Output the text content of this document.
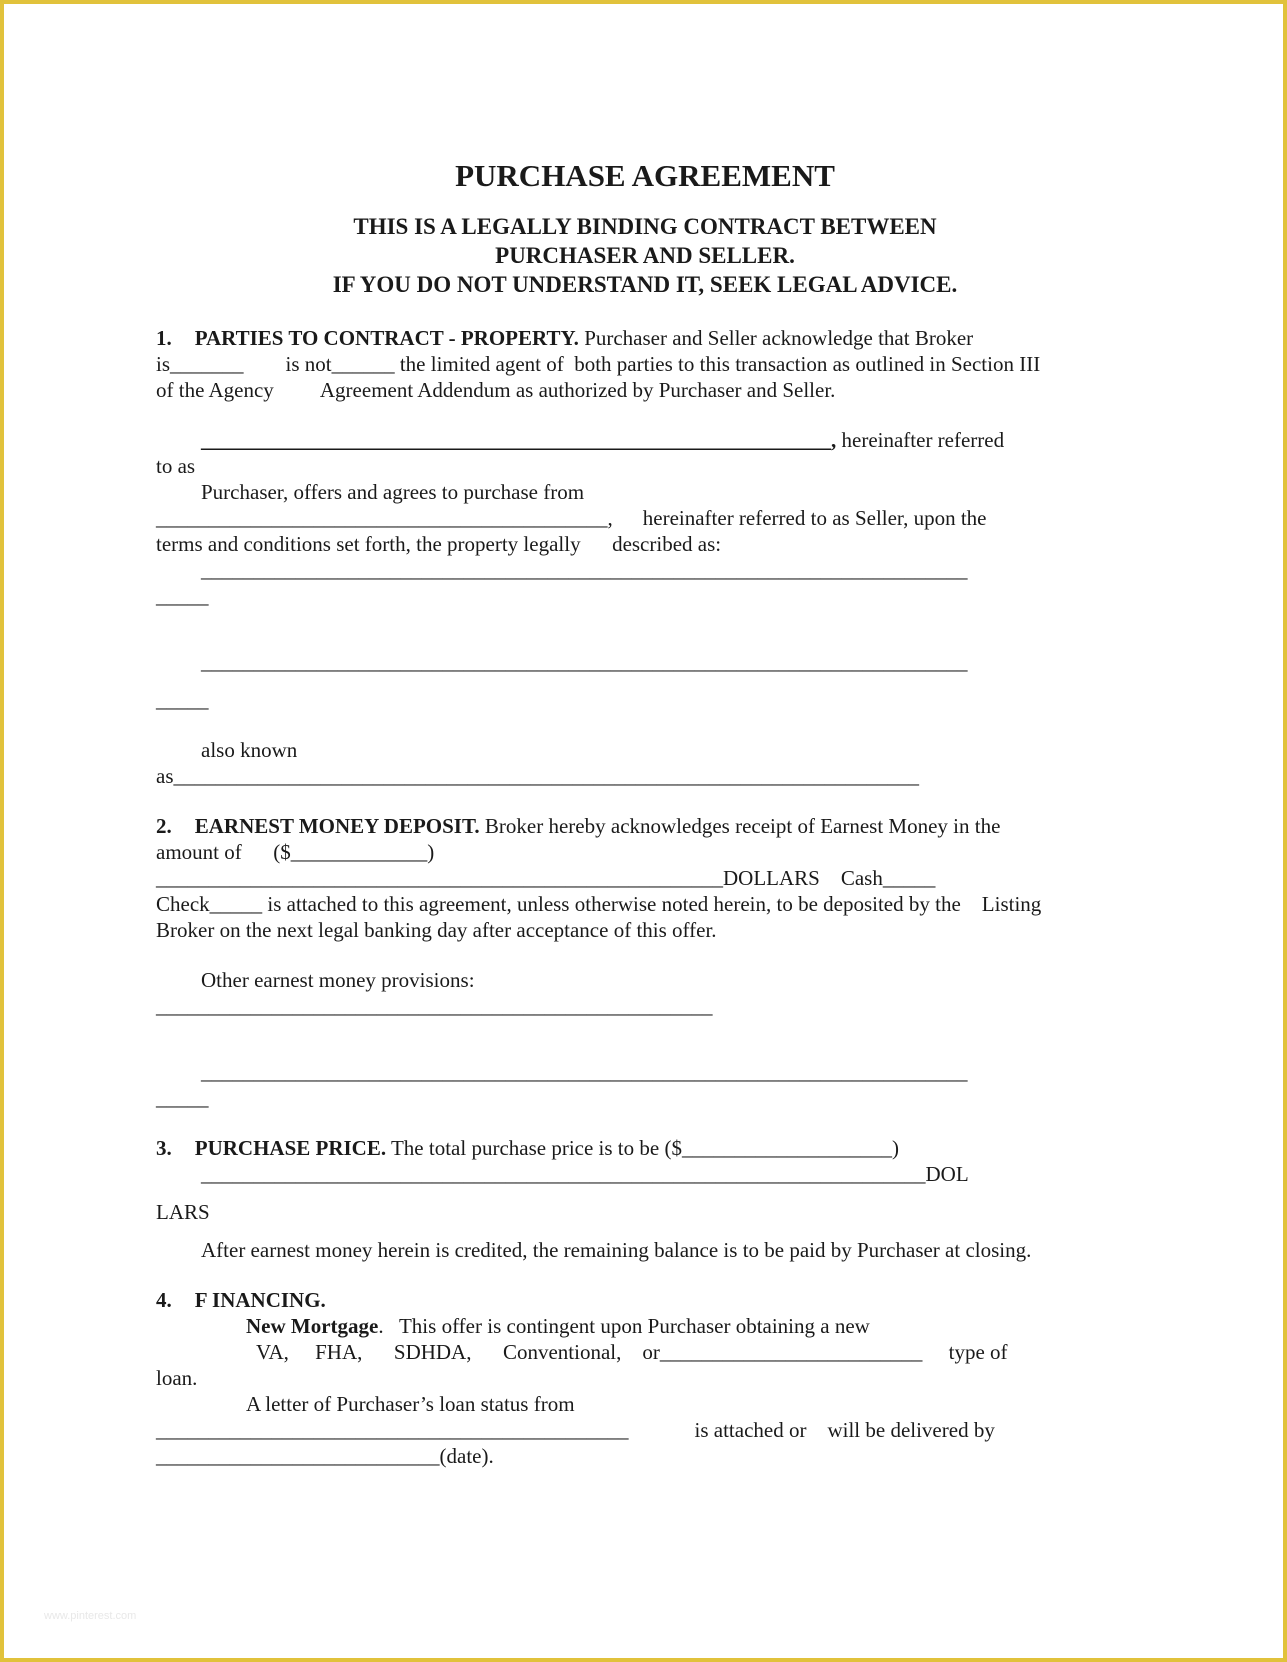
PURCHASE AGREEMENT
THIS IS A LEGALLY BINDING CONTRACT BETWEEN
PURCHASER AND SELLER.
IF YOU DO NOT UNDERSTAND IT, SEEK LEGAL ADVICE.
1. PARTIES TO CONTRACT - PROPERTY. Purchaser and Seller acknowledge that Broker
is_______        is not______ the limited agent of  both parties to this transaction as outlined in Section III
of the Agency         Agreement Addendum as authorized by Purchaser and Seller.
____________________________________________________________, hereinafter referred
to as
Purchaser, offers and agrees to purchase from
___________________________________________, hereinafter referred to as Seller, upon the
terms and conditions set forth, the property legally      described as:
_________________________________________________________________________
_____
_________________________________________________________________________
_____
also known
as_______________________________________________________________________
2. EARNEST MONEY DEPOSIT. Broker hereby acknowledges receipt of Earnest Money in the
amount of      ($_____________)
______________________________________________________DOLLARS    Cash_____
Check_____ is attached to this agreement, unless otherwise noted herein, to be deposited by the    Listing
Broker on the next legal banking day after acceptance of this offer.
Other earnest money provisions:
_____________________________________________________
_________________________________________________________________________
_____
3. PURCHASE PRICE. The total purchase price is to be ($____________________)
_____________________________________________________________________DOL
LARS
After earnest money herein is credited, the remaining balance is to be paid by Purchaser at closing.
4. F INANCING.
New Mortgage.   This offer is contingent upon Purchaser obtaining a new
VA,     FHA,      SDHDA,      Conventional,    or_________________________     type of
loan.
A letter of Purchaser’s loan status from
_____________________________________________	is attached or    will be delivered by
___________________________(date).
www.pinterest.com
